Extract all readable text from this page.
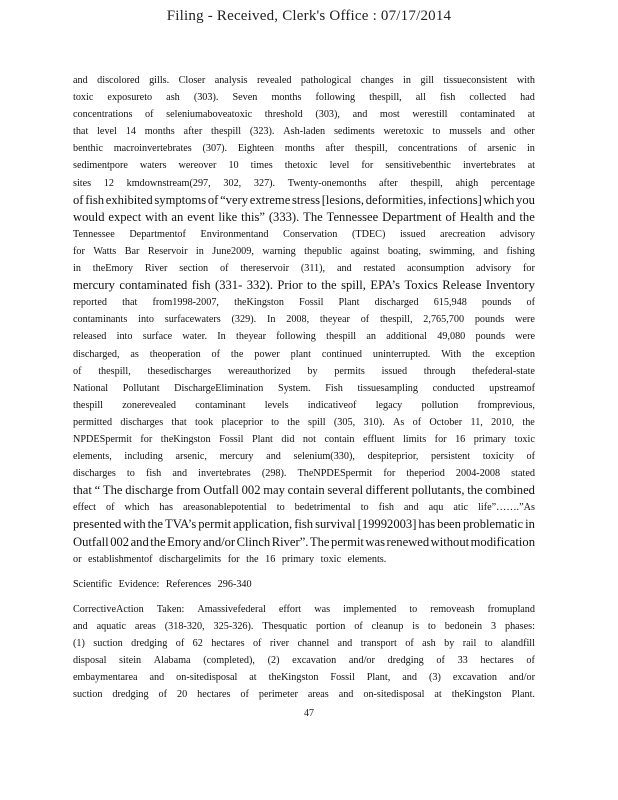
Filing - Received, Clerk's Office : 07/17/2014
and discolored gills. Closer analysis revealed pathological changes in gill tissueconsistent with
toxic exposureto ash (303). Seven months following thespill, all fish collected had
concentrations of seleniumaboveatoxic threshold (303), and most werestill contaminated at
that level 14 months after thespill (323). Ash-laden sediments weretoxic to mussels and other
benthic macroinvertebrates (307). Eighteen months after thespill, concentrations of arsenic in
sedimentpore waters wereover 10 times thetoxic level for sensitivebenthic invertebrates at
sites 12 kmdownstream(297, 302, 327). Twenty-onemonths after thespill, ahigh percentage
of fish exhibited symptoms of “very extreme stress [lesions, deformities, infections] which you
would expect with an event like this” (333). The Tennessee Department of Health and the
Tennessee Departmentof Environmentand Conservation (TDEC) issued arecreation advisory
for Watts Bar Reservoir in June2009, warning thepublic against boating, swimming, and fishing
in theEmory River section of thereservoir (311), and restated aconsumption advisory for
mercury contaminated fish (331- 332). Prior to the spill, EPA’s Toxics Release Inventory
reported that from1998-2007, theKingston Fossil Plant discharged 615,948 pounds of
contaminants into surfacewaters (329). In 2008, theyear of thespill, 2,765,700 pounds were
released into surface water. In theyear following thespill an additional 49,080 pounds were
discharged, as theoperation of the power plant continued uninterrupted. With the exception
of thespill, thesedischarges wereauthorized by permits issued through thefederal-state
National Pollutant DischargeElimination System. Fish tissuesampling conducted upstreamof
thespill zonerevealed contaminant levels indicativeof legacy pollution fromprevious,
permitted discharges that took placeprior to the spill (305, 310). As of October 11, 2010, the
NPDESpermit for theKingston Fossil Plant did not contain effluent limits for 16 primary toxic
elements, including arsenic, mercury and selenium(330), despiteprior, persistent toxicity of
discharges to fish and invertebrates (298). TheNPDESpermit for theperiod 2004-2008 stated
that “ The discharge from Outfall 002 may contain several different pollutants, the combined
effect of which has areasonablepotential to bedetrimental to fish and aqu atic life”…….”As
presented with the TVA’s permit application, fish survival [19992003] has been problematic in
Outfall 002 and the Emory and/or Clinch River”. The permit was renewed without modification
or establishmentof dischargelimits for the 16 primary toxic elements.
Scientific Evidence: References 296-340
CorrectiveAction Taken: Amassivefederal effort was implemented to removeash fromupland
and aquatic areas (318-320, 325-326). Thesquatic portion of cleanup is to bedonein 3 phases:
(1) suction dredging of 62 hectares of river channel and transport of ash by rail to alandfill
disposal sitein Alabama (completed), (2) excavation and/or dredging of 33 hectares of
embaymentarea and on-sitedisposal at theKingston Fossil Plant, and (3) excavation and/or
suction dredging of 20 hectares of perimeter areas and on-sitedisposal at theKingston Plant.
47
